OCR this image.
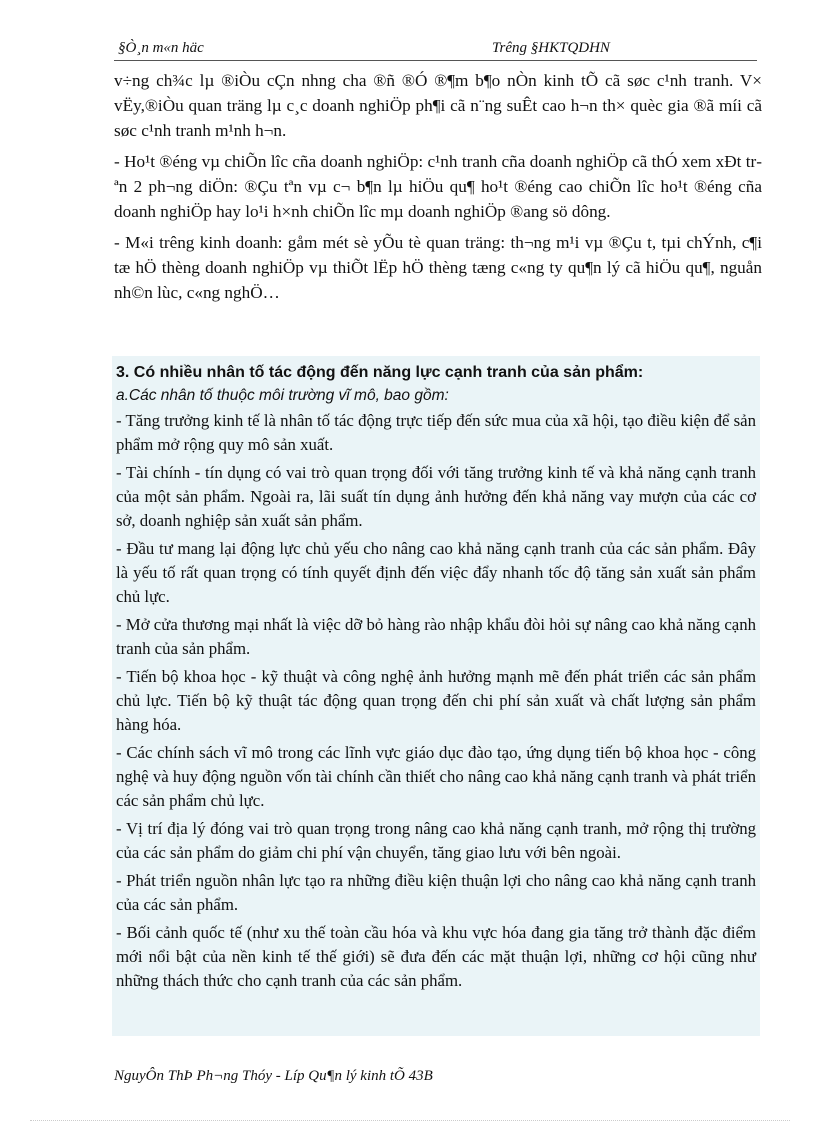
§Ò¸n m«n häc	Trêng §HKTQDHN

v÷ng ch¾c lµ ®iÒu cÇn nhng cha ®ñ ®Ó ®¶m b¶o nÒn kinh tÕ cã søc c¹nh tranh. V× vËy,®iÒu quan träng lµ c¸c doanh nghiÖp ph¶i cã n¨ng suÊt cao h¬n th× quèc gia ®ã míi cã søc c¹nh tranh m¹nh h¬n.

- Ho¹t ®éng vµ chiÕn lîc cña doanh nghiÖp: c¹nh tranh cña doanh nghiÖp cã thÓ xem xÐt trªn 2 ph¬ng diÖn: ®Çu tªn vµ c¬ b¶n lµ hiÖu qu¶ ho¹t ®éng cao chiÕn lîc ho¹t ®éng cña doanh nghiÖp hay lo¹i h×nh chiÕn lîc mµ doanh nghiÖp ®ang sö dông.

- M«i trêng kinh doanh: gåm mét sè yÕu tè quan träng: th¬ng m¹i vµ ®Çu t, tµi chÝnh, c¶i tæ hÖ thèng doanh nghiÖp vµ thiÕt lËp hÖ thèng tæng c«ng ty qu¶n lý cã hiÖu qu¶, nguån nh©n lùc, c«ng nghÖ…

3. Có nhiều nhân tố tác động đến năng lực cạnh tranh của sản phẩm:
a.Các nhân tố thuộc môi trường vĩ mô, bao gồm:

- Tăng trưởng kinh tế là nhân tố tác động trực tiếp đến sức mua của xã hội, tạo điều kiện để sản phẩm mở rộng quy mô sản xuất.

- Tài chính - tín dụng có vai trò quan trọng đối với tăng trưởng kinh tế và khả năng cạnh tranh của một sản phẩm. Ngoài ra, lãi suất tín dụng ảnh hưởng đến khả năng vay mượn của các cơ sở, doanh nghiệp sản xuất sản phẩm.

- Đầu tư mang lại động lực chủ yếu cho nâng cao khả năng cạnh tranh của các sản phẩm. Đây là yếu tố rất quan trọng có tính quyết định đến việc đẩy nhanh tốc độ tăng sản xuất sản phẩm chủ lực.

- Mở cửa thương mại nhất là việc dỡ bỏ hàng rào nhập khẩu đòi hỏi sự nâng cao khả năng cạnh tranh của sản phẩm.

- Tiến bộ khoa học - kỹ thuật và công nghệ ảnh hưởng mạnh mẽ đến phát triển các sản phẩm chủ lực. Tiến bộ kỹ thuật tác động quan trọng đến chi phí sản xuất và chất lượng sản phẩm hàng hóa.

- Các chính sách vĩ mô trong các lĩnh vực giáo dục đào tạo, ứng dụng tiến bộ khoa học - công nghệ và huy động nguồn vốn tài chính cần thiết cho nâng cao khả năng cạnh tranh và phát triển các sản phẩm chủ lực.

- Vị trí địa lý đóng vai trò quan trọng trong nâng cao khả năng cạnh tranh, mở rộng thị trường của các sản phẩm do giảm chi phí vận chuyển, tăng giao lưu với bên ngoài.

- Phát triển nguồn nhân lực tạo ra những điều kiện thuận lợi cho nâng cao khả năng cạnh tranh của các sản phẩm.

- Bối cảnh quốc tế (như xu thế toàn cầu hóa và khu vực hóa đang gia tăng trở thành đặc điểm mới nổi bật của nền kinh tế thế giới) sẽ đưa đến các mặt thuận lợi, những cơ hội cũng như những thách thức cho cạnh tranh của các sản phẩm.

NguyÔn ThÞ Ph¬ng Thóy - Líp Qu¶n lý kinh tÕ 43B
